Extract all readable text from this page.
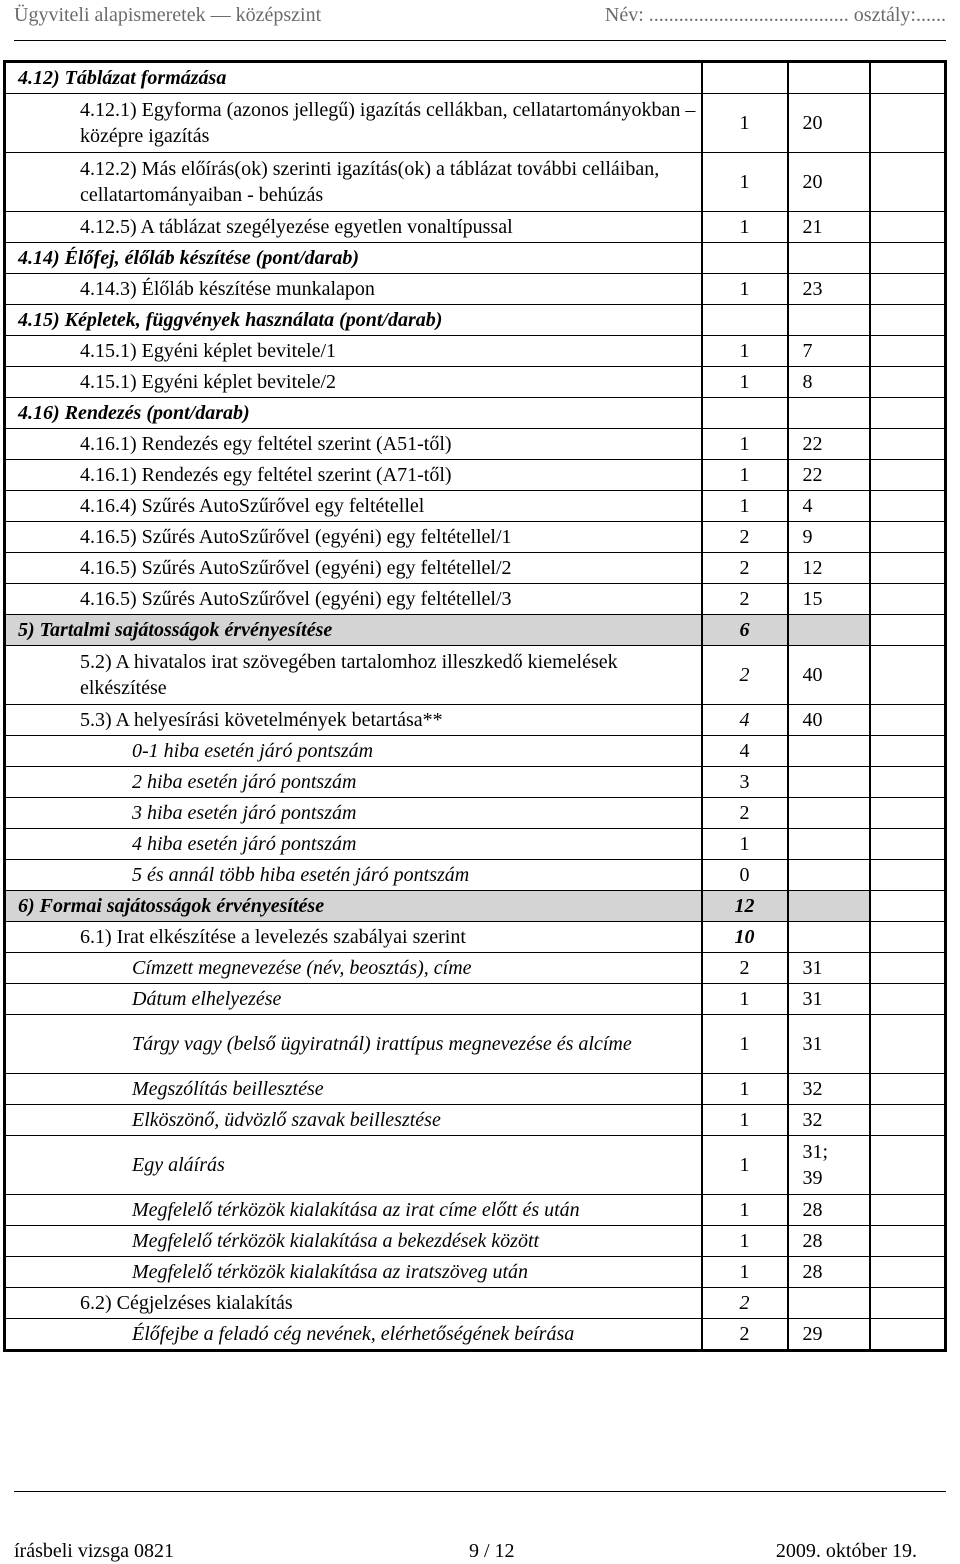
Ügyviteli alapismeretek — középszint	Név: ........................................ osztály:......
4.12) Táblázat formázása			

4.12.1) Egyforma (azonos jellegű) igazítás cellákban, cellatartományokban – középre igazítás	1	20	

4.12.2) Más előírás(ok) szerinti igazítás(ok) a táblázat további celláiban, cellatartományaiban - behúzás	1	20	

4.12.5) A táblázat szegélyezése egyetlen vonaltípussal	1	21	

4.14) Élőfej, élőláb készítése (pont/darab)			

4.14.3) Élőláb készítése munkalapon	1	23	

4.15) Képletek, függvények használata (pont/darab)			

4.15.1) Egyéni képlet bevitele/1	1	7	

4.15.1) Egyéni képlet bevitele/2	1	8	

4.16) Rendezés (pont/darab)			

4.16.1) Rendezés egy feltétel szerint (A51-től)	1	22	

4.16.1) Rendezés egy feltétel szerint (A71-től)	1	22	

4.16.4) Szűrés AutoSzűrővel egy feltétellel	1	4	

4.16.5) Szűrés AutoSzűrővel (egyéni) egy feltétellel/1	2	9	

4.16.5) Szűrés AutoSzűrővel (egyéni) egy feltétellel/2	2	12	

4.16.5) Szűrés AutoSzűrővel (egyéni) egy feltétellel/3	2	15	

5) Tartalmi sajátosságok érvényesítése	6		

5.2) A hivatalos irat szövegében tartalomhoz illeszkedő kiemelések elkészítése	2	40	

5.3) A helyesírási követelmények betartása**	4	40	

0-1 hiba esetén járó pontszám	4		

2 hiba esetén járó pontszám	3		

3 hiba esetén járó pontszám	2		

4 hiba esetén járó pontszám	1		

5 és annál több hiba esetén járó pontszám	0		

6) Formai sajátosságok érvényesítése	12		

6.1) Irat elkészítése a levelezés szabályai szerint	10		

Címzett megnevezése (név, beosztás), címe	2	31	

Dátum elhelyezése	1	31	

Tárgy vagy (belső ügyiratnál) irattípus megnevezése és alcíme	1	31	

Megszólítás beillesztése	1	32	

Elköszönő, üdvözlő szavak beillesztése	1	32	

Egy aláírás	1	31; 39	

Megfelelő térközök kialakítása az irat címe előtt és után	1	28	

Megfelelő térközök kialakítása a bekezdések között	1	28	

Megfelelő térközök kialakítása az iratszöveg után	1	28	

6.2) Cégjelzéses kialakítás	2		

Élőfejbe a feladó cég nevének, elérhetőségének beírása	2	29	
írásbeli vizsga 0821	9 / 12	2009. október 19.
